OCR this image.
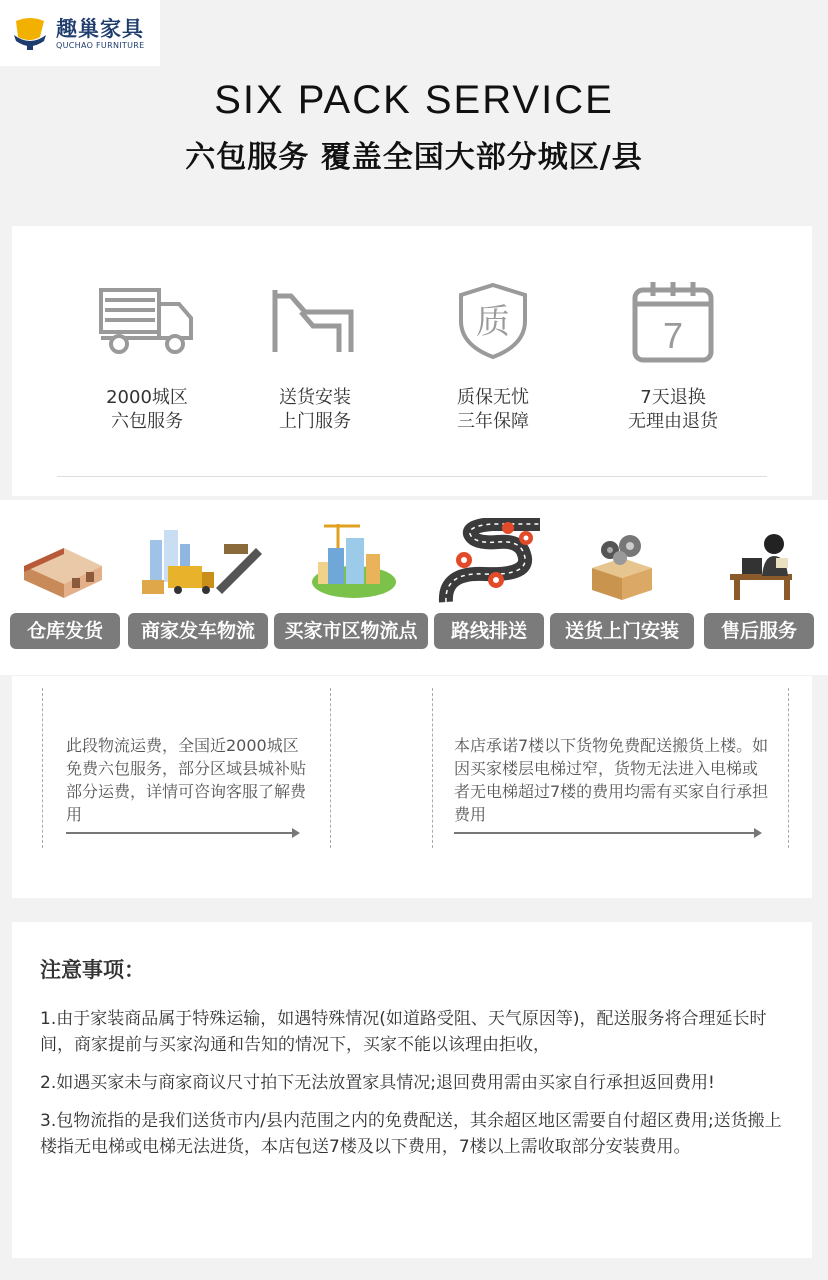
趣巢家具
QUCHAO FURNITURE
SIX PACK SERVICE
六包服务 覆盖全国大部分城区/县
2000城区
六包服务
送货安装
上门服务
质
质保无忧
三年保障
7
7天退换
无理由退货
仓库发货	商家发车物流	买家市区物流点	路线排送	送货上门安装	售后服务
此段物流运费，全国近2000城区免费六包服务，部分区域县城补贴部分运费，详情可咨询客服了解费用
本店承诺7楼以下货物免费配送搬货上楼。如因买家楼层电梯过窄，货物无法进入电梯或者无电梯超过7楼的费用均需有买家自行承担费用
注意事项：
1.由于家装商品属于特殊运输，如遇特殊情况(如道路受阻、天气原因等)，配送服务将合理延长时间，商家提前与买家沟通和告知的情况下，买家不能以该理由拒收，
2.如遇买家未与商家商议尺寸拍下无法放置家具情况;退回费用需由买家自行承担返回费用!
3.包物流指的是我们送货市内/县内范围之内的免费配送，其余超区地区需要自付超区费用;送货搬上楼指无电梯或电梯无法进货，本店包送7楼及以下费用，7楼以上需收取部分安装费用。
